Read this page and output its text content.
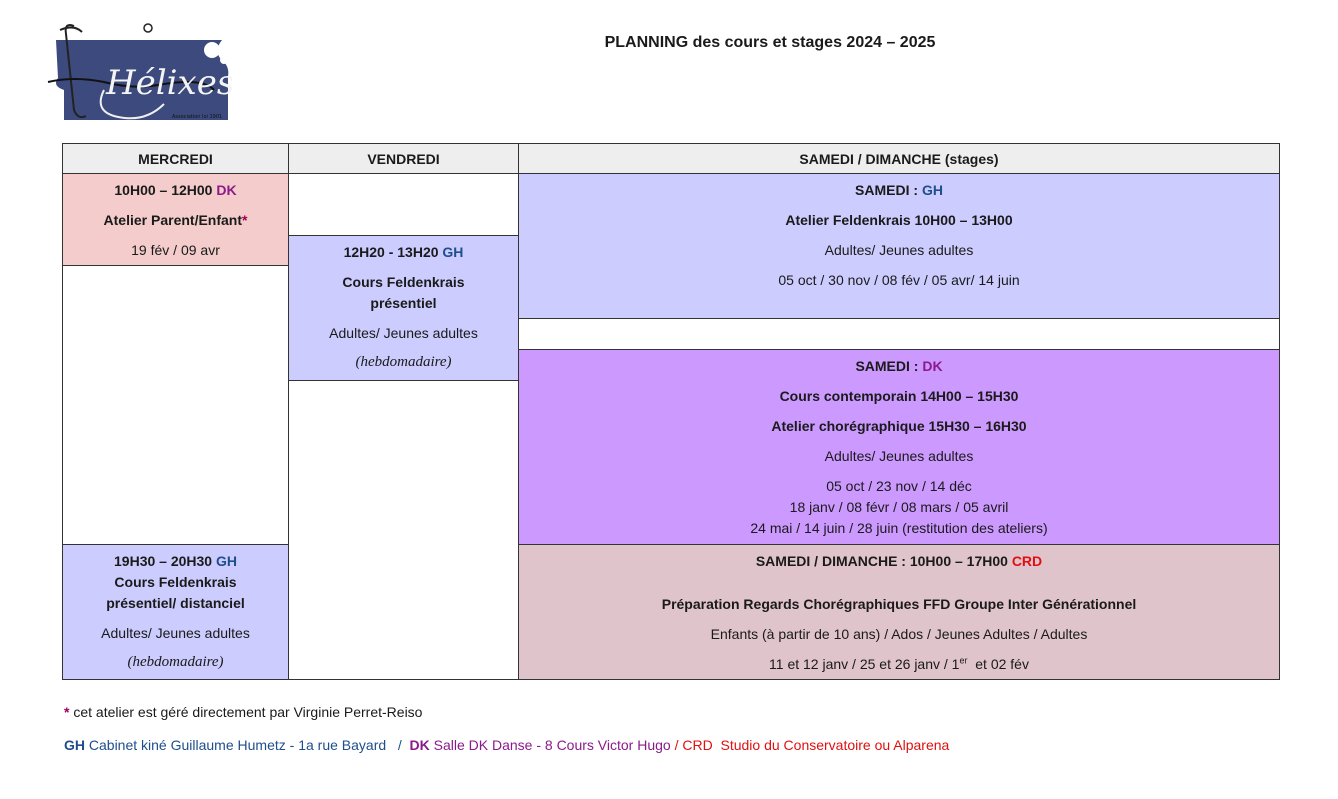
Hélixes
Association loi 1901
PLANNING des cours et stages 2024 – 2025
MERCREDI	VENDREDI	SAMEDI / DIMANCHE (stages)
10H00 – 12H00 DK
Atelier Parent/Enfant*
19 fév / 09 avr
19H30 – 20H30 GH
Cours Feldenkrais
présentiel/ distanciel
Adultes/ Jeunes adultes
(hebdomadaire)
12H20 - 13H20 GH
Cours Feldenkrais
présentiel
Adultes/ Jeunes adultes
(hebdomadaire)
SAMEDI : GH
Atelier Feldenkrais 10H00 – 13H00
Adultes/ Jeunes adultes
05 oct / 30 nov / 08 fév / 05 avr/ 14 juin
SAMEDI : DK
Cours contemporain 14H00 – 15H30
Atelier chorégraphique 15H30 – 16H30
Adultes/ Jeunes adultes
05 oct / 23 nov / 14 déc
18 janv / 08 févr / 08 mars / 05 avril
24 mai / 14 juin / 28 juin (restitution des ateliers)
SAMEDI / DIMANCHE : 10H00 – 17H00 CRD
Préparation Regards Chorégraphiques FFD Groupe Inter Générationnel
Enfants (à partir de 10 ans) / Ados / Jeunes Adultes / Adultes
11 et 12 janv / 25 et 26 janv / 1er  et 02 fév
* cet atelier est géré directement par Virginie Perret-Reiso
GH Cabinet kiné Guillaume Humetz - 1a rue Bayard   /  DK Salle DK Danse - 8 Cours Victor Hugo / CRD  Studio du Conservatoire ou Alparena
